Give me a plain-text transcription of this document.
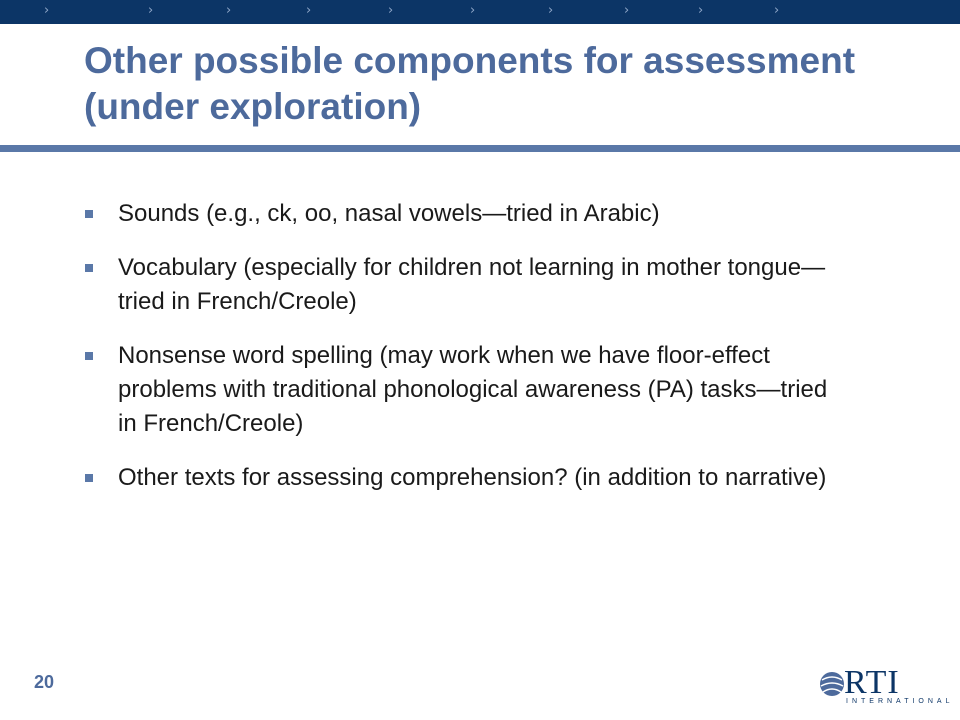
›	›	›	›	›	›	›	›	›	›
Other possible components for assessment (under exploration)
Sounds (e.g., ck, oo, nasal vowels—tried in Arabic)
Vocabulary (especially for children not learning in mother tongue—tried in French/Creole)
Nonsense word spelling (may work when we have floor-effect problems with traditional phonological awareness (PA) tasks—tried in French/Creole)
Other texts for assessing comprehension? (in addition to narrative)
20	RTI
INTERNATIONAL
